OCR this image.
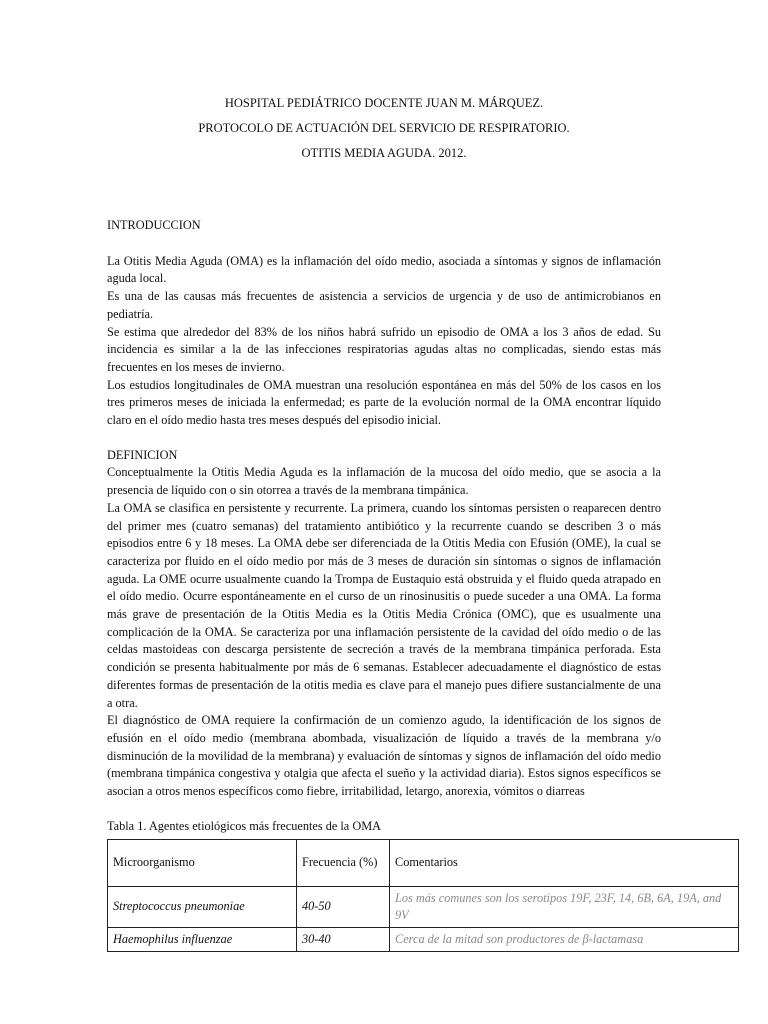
HOSPITAL PEDIÁTRICO DOCENTE JUAN M. MÁRQUEZ.
PROTOCOLO DE ACTUACIÓN DEL SERVICIO DE RESPIRATORIO.
OTITIS MEDIA AGUDA. 2012.
INTRODUCCION

La Otitis Media Aguda (OMA) es la inflamación del oído medio, asociada a síntomas y signos de inflamación aguda local.

Es una de las causas más frecuentes de asistencia a servicios de urgencia y de uso de antimicrobianos en pediatría.

Se estima que alrededor del 83% de los niños habrá sufrido un episodio de OMA a los 3 años de edad. Su incidencia es similar a la de las infecciones respiratorias agudas altas no complicadas, siendo estas más frecuentes en los meses de invierno.

Los estudios longitudinales de OMA muestran una resolución espontánea en más del 50% de los casos en los tres primeros meses de iniciada la enfermedad; es parte de la evolución normal de la OMA encontrar líquido claro en el oído medio hasta tres meses después del episodio inicial.

DEFINICION

Conceptualmente la Otitis Media Aguda es la inflamación de la mucosa del oído medio, que se asocia a la presencia de líquido con o sin otorrea a través de la membrana timpánica.

La OMA se clasifica en persistente y recurrente. La primera, cuando los síntomas persisten o reaparecen dentro del primer mes (cuatro semanas) del tratamiento antibiótico y la recurrente cuando se describen 3 o más episodios entre 6 y 18 meses. La OMA debe ser diferenciada de la Otitis Media con Efusión (OME), la cual se caracteriza por fluido en el oído medio por más de 3 meses de duración sin síntomas o signos de inflamación aguda. La OME ocurre usualmente cuando la Trompa de Eustaquio está obstruida y el fluido queda atrapado en el oído medio. Ocurre espontáneamente en el curso de un rinosinusitis o puede suceder a una OMA. La forma más grave de presentación de la Otitis Media es la Otitis Media Crónica (OMC), que es usualmente una complicación de la OMA. Se caracteriza por una inflamación persistente de la cavidad del oído medio o de las celdas mastoideas con descarga persistente de secreción a través de la membrana timpánica perforada. Esta condición se presenta habitualmente por más de 6 semanas. Establecer adecuadamente el diagnóstico de estas diferentes formas de presentación de la otitis media es clave para el manejo pues difiere sustancialmente de una a otra.

El diagnóstico de OMA requiere la confirmación de un comienzo agudo, la identificación de los signos de efusión en el oído medio (membrana abombada, visualización de líquido a través de la membrana y/o disminución de la movilidad de la membrana) y evaluación de síntomas y signos de inflamación del oído medio (membrana timpánica congestiva y otalgia que afecta el sueño y la actividad diaria). Estos signos específicos se asocian a otros menos específicos como fiebre, irritabilidad, letargo, anorexia, vómitos o diarreas

Tabla 1. Agentes etiológicos más frecuentes de la OMA
Microorganismo	Frecuencia (%)	Comentarios
Streptococcus pneumoniae	40-50	Los más comunes son los serotipos 19F, 23F, 14, 6B, 6A, 19A, and 9V
Haemophilus influenzae	30-40	Cerca de la mitad son productores de β-lactamasa
